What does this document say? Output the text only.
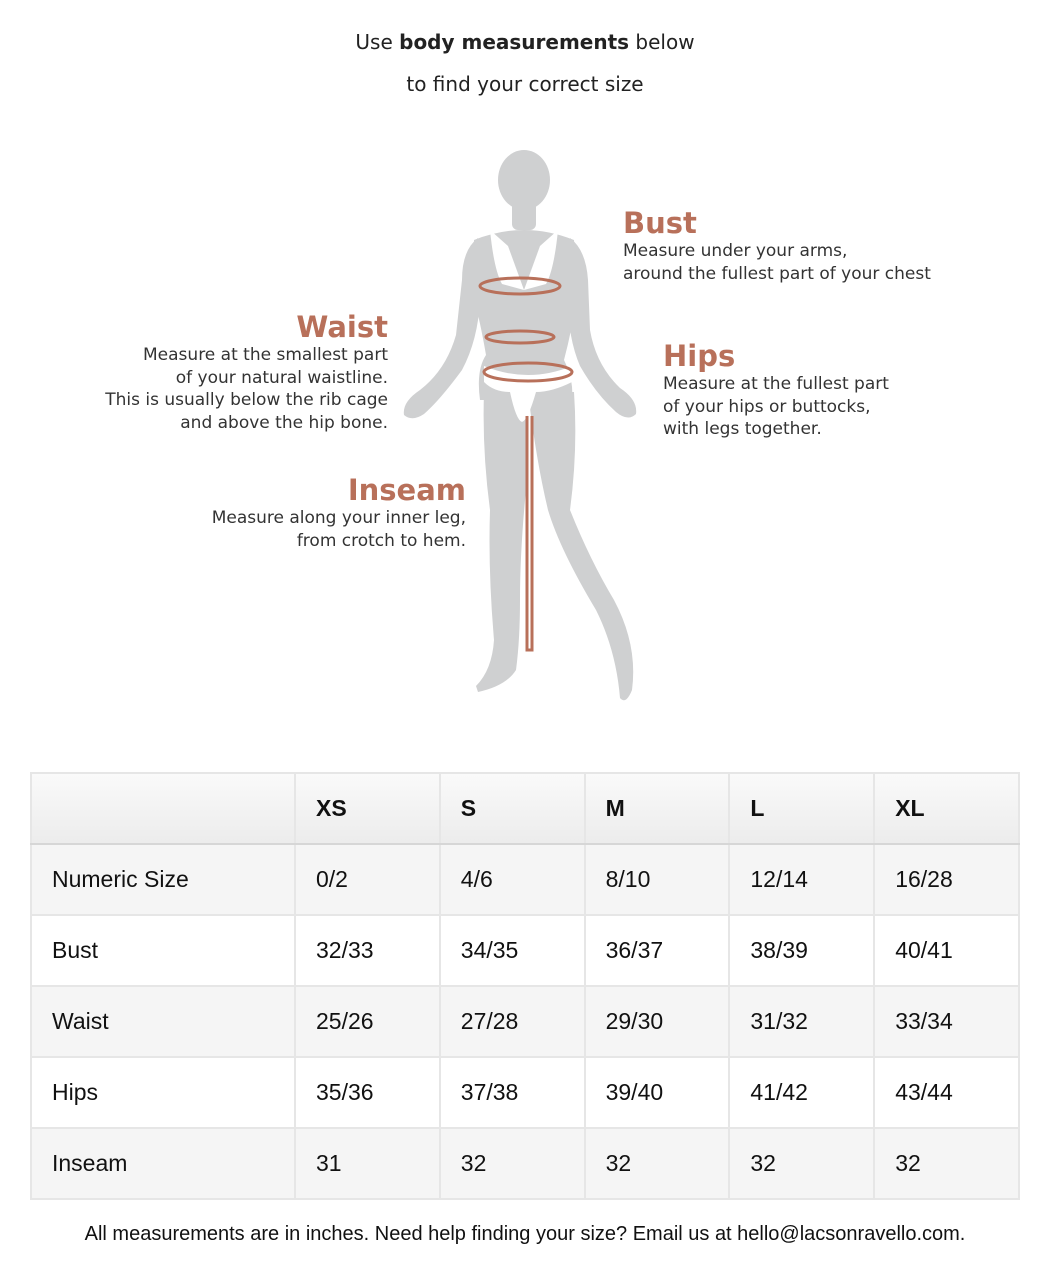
Use body measurements below
to find your correct size
Bust
Measure under your arms,
around the fullest part of your chest
Waist
Measure at the smallest part
of your natural waistline.
This is usually below the rib cage
and above the hip bone.
Hips
Measure at the fullest part
of your hips or buttocks,
with legs together.
Inseam
Measure along your inner leg,
from crotch to hem.
	XS	S	M	L	XL
Numeric Size	0/2	4/6	8/10	12/14	16/28
Bust	32/33	34/35	36/37	38/39	40/41
Waist	25/26	27/28	29/30	31/32	33/34
Hips	35/36	37/38	39/40	41/42	43/44
Inseam	31	32	32	32	32
All measurements are in inches. Need help finding your size? Email us at hello@lacsonravello.com.
